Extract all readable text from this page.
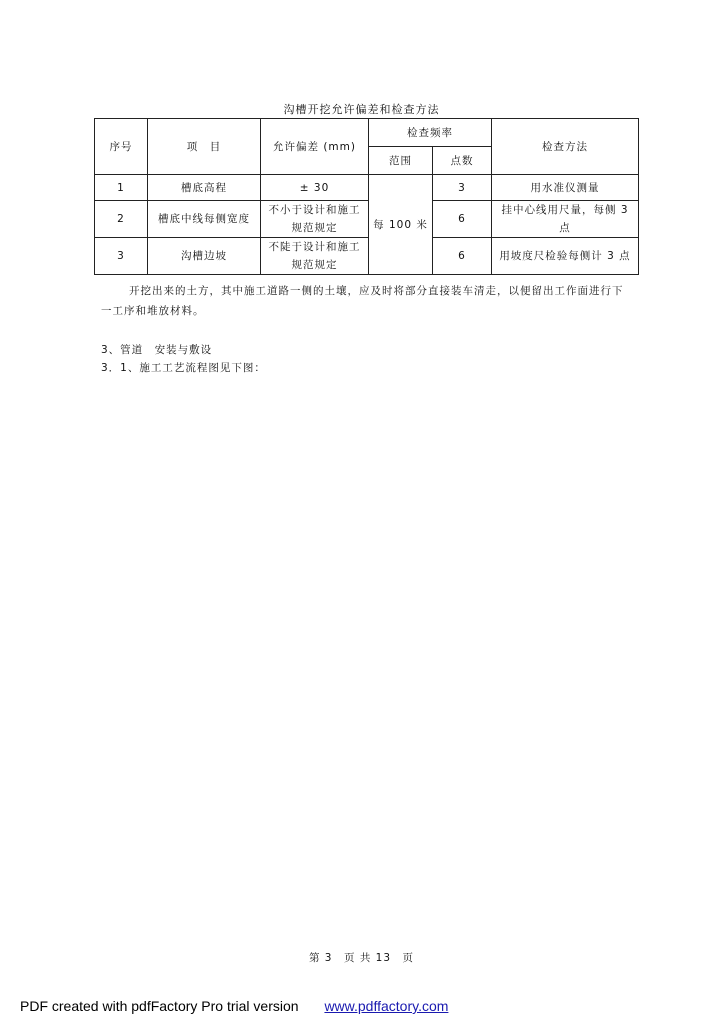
沟槽开挖允许偏差和检查方法
序号	项　目	允许偏差 (mm)	检查频率		检查方法
			范围	点数	
1	槽底高程	± 30	每 100 米	3	用水准仪测量
2	槽底中线每侧宽度	不小于设计和施工规范规定		6	挂中心线用尺量，每侧 3 点
3	沟槽边坡	不陡于设计和施工规范规定		6	用坡度尺检验每侧计 3 点
开挖出来的土方，其中施工道路一侧的土壤，应及时将部分直接装车清走，以便留出工作面进行下一工序和堆放材料。
3、管道　安装与敷设
3．1、施工工艺流程图见下图：
第 3　页 共 13　页
PDF created with pdfFactory Pro trial version www.pdffactory.com
